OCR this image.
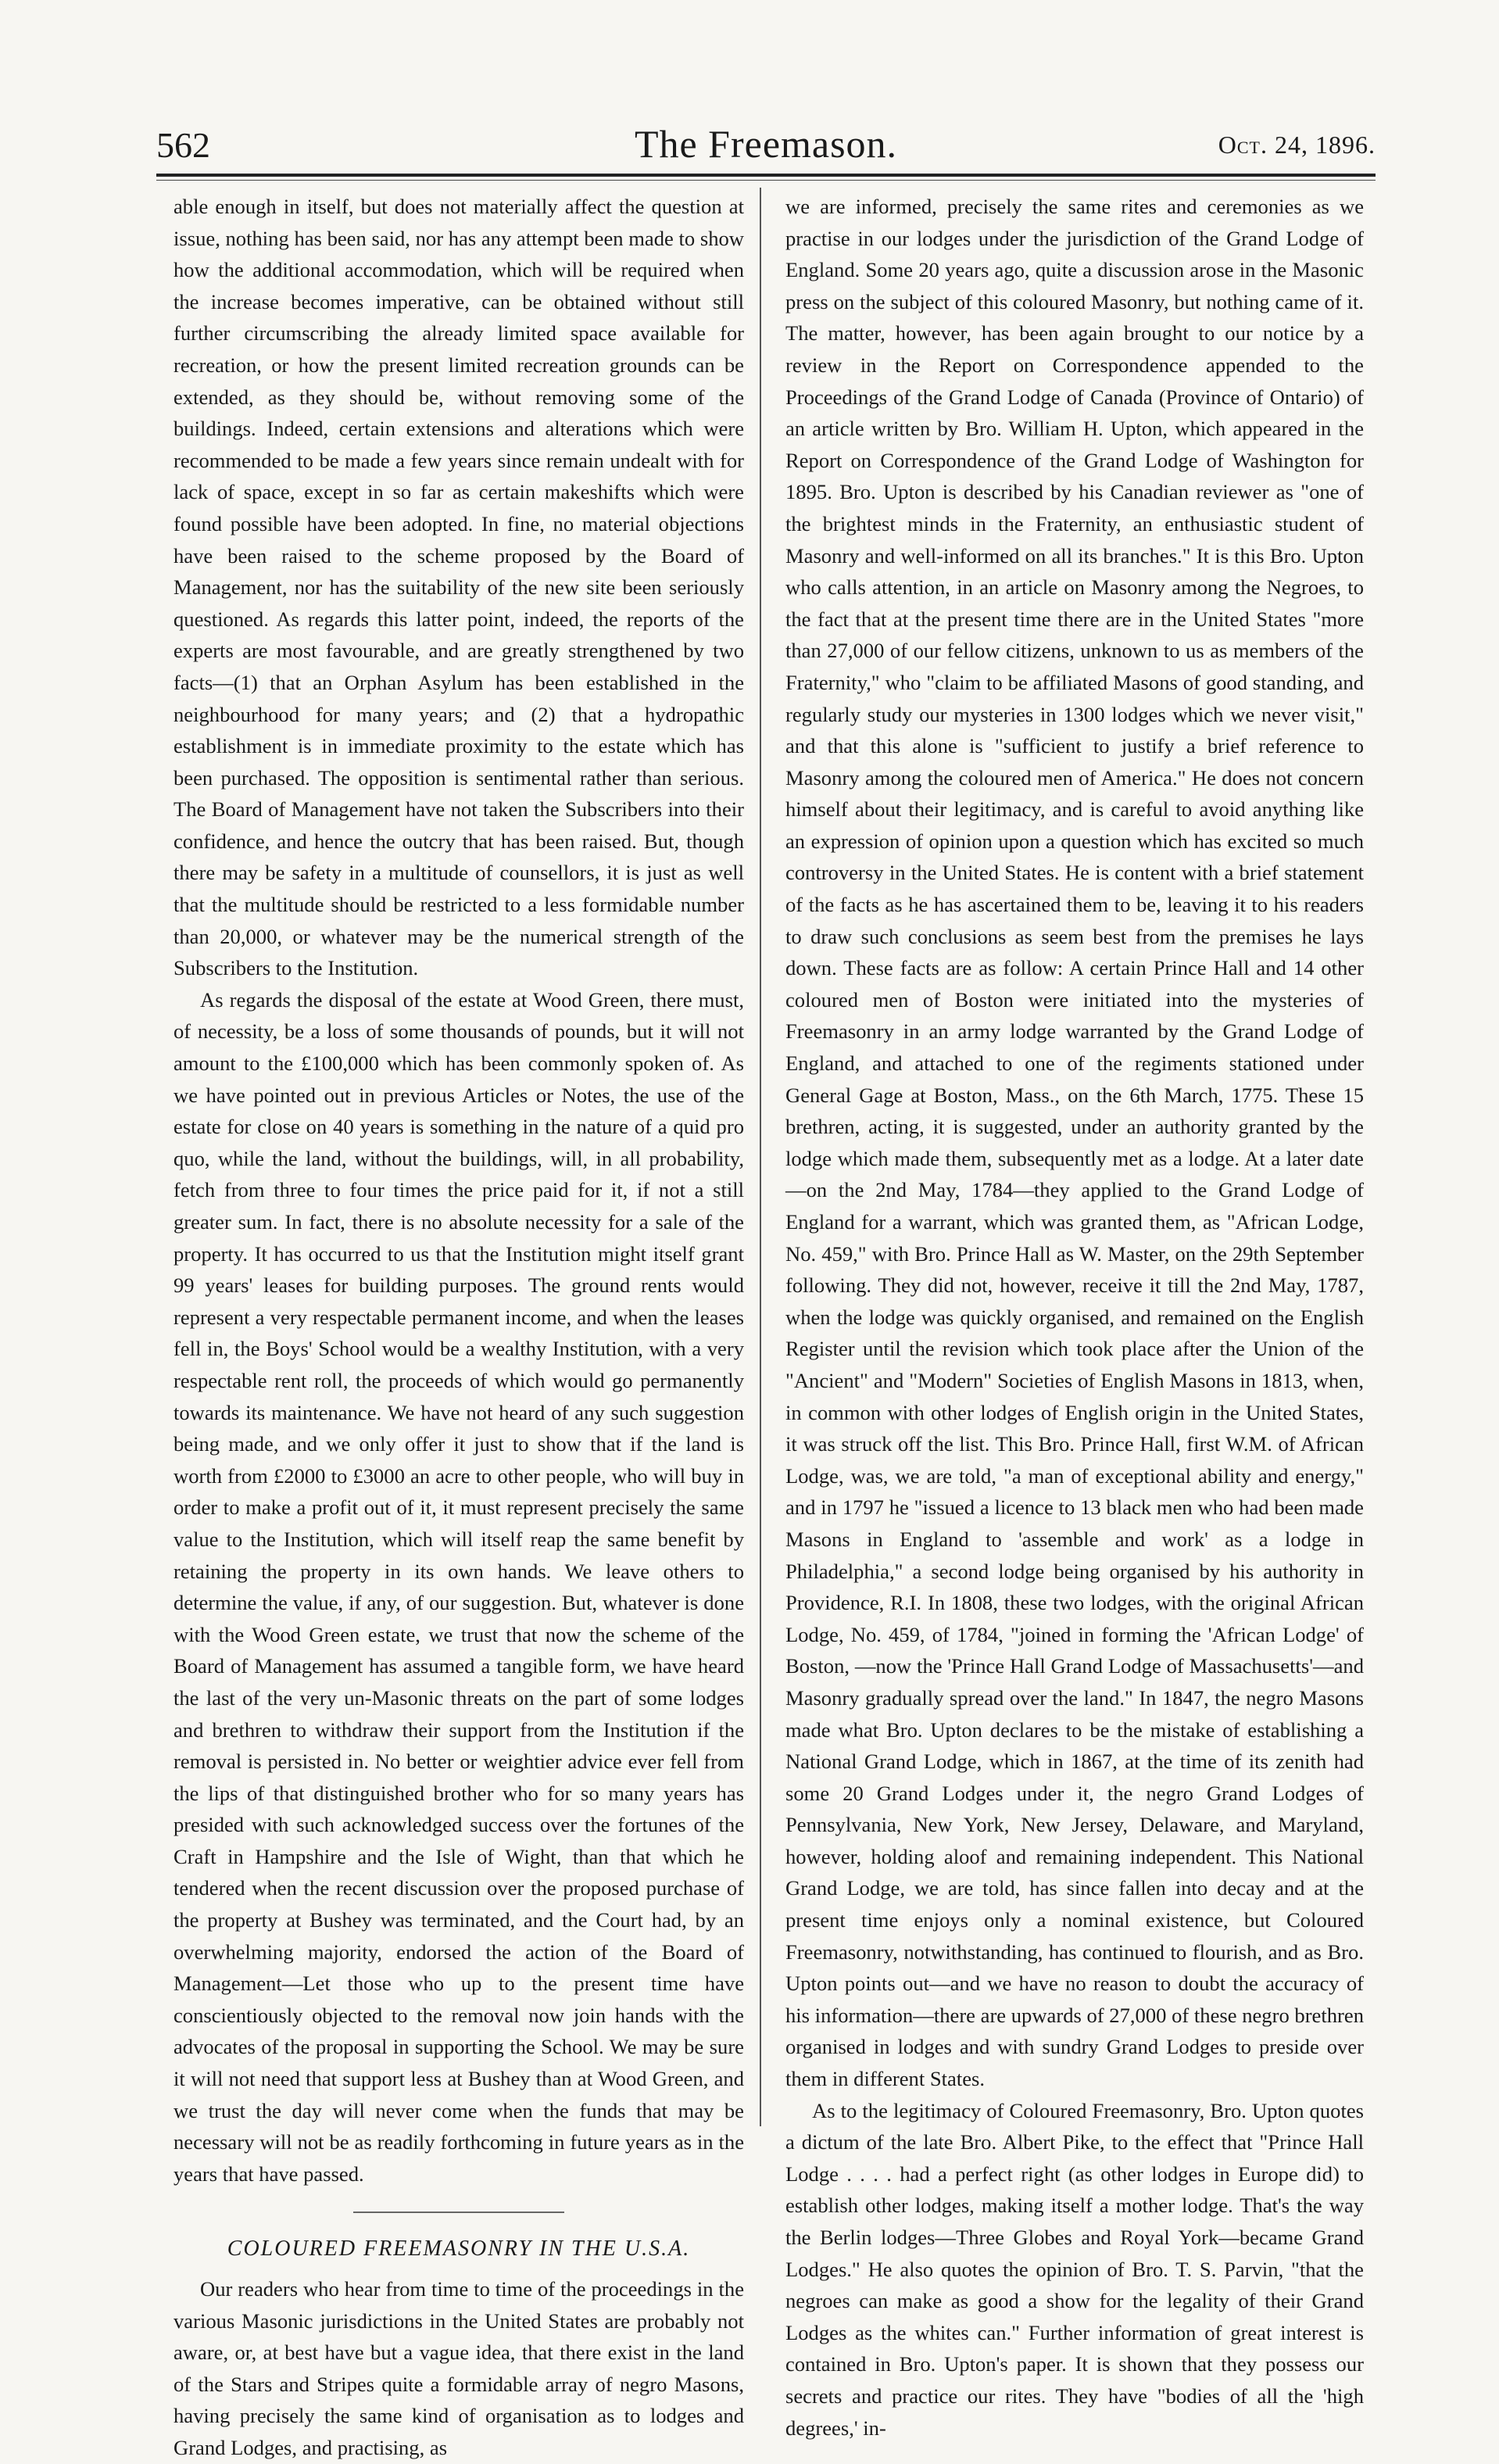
562	The Freemason.	Oct. 24, 1896.

able enough in itself, but does not materially affect the question at issue, nothing has been said, nor has any attempt been made to show how the additional accommodation, which will be required when the increase becomes imperative, can be obtained without still further circumscribing the already limited space available for recreation, or how the present limited recreation grounds can be extended, as they should be, without removing some of the buildings. Indeed, certain extensions and alterations which were recommended to be made a few years since remain undealt with for lack of space, except in so far as certain makeshifts which were found possible have been adopted. In fine, no material objections have been raised to the scheme proposed by the Board of Management, nor has the suitability of the new site been seriously questioned. As regards this latter point, indeed, the reports of the experts are most favourable, and are greatly strengthened by two facts—(1) that an Orphan Asylum has been established in the neighbourhood for many years; and (2) that a hydropathic establishment is in immediate proximity to the estate which has been purchased. The opposition is sentimental rather than serious. The Board of Management have not taken the Subscribers into their confidence, and hence the outcry that has been raised. But, though there may be safety in a multitude of counsellors, it is just as well that the multitude should be restricted to a less formidable number than 20,000, or whatever may be the numerical strength of the Subscribers to the Institution.

As regards the disposal of the estate at Wood Green, there must, of necessity, be a loss of some thousands of pounds, but it will not amount to the £100,000 which has been commonly spoken of. As we have pointed out in previous Articles or Notes, the use of the estate for close on 40 years is something in the nature of a quid pro quo, while the land, without the buildings, will, in all probability, fetch from three to four times the price paid for it, if not a still greater sum. In fact, there is no absolute necessity for a sale of the property. It has occurred to us that the Institution might itself grant 99 years' leases for building purposes. The ground rents would represent a very respectable permanent income, and when the leases fell in, the Boys' School would be a wealthy Institution, with a very respectable rent roll, the proceeds of which would go permanently towards its maintenance. We have not heard of any such suggestion being made, and we only offer it just to show that if the land is worth from £2000 to £3000 an acre to other people, who will buy in order to make a profit out of it, it must represent precisely the same value to the Institution, which will itself reap the same benefit by retaining the property in its own hands. We leave others to determine the value, if any, of our suggestion. But, whatever is done with the Wood Green estate, we trust that now the scheme of the Board of Management has assumed a tangible form, we have heard the last of the very un-Masonic threats on the part of some lodges and brethren to withdraw their support from the Institution if the removal is persisted in. No better or weightier advice ever fell from the lips of that distinguished brother who for so many years has presided with such acknowledged success over the fortunes of the Craft in Hampshire and the Isle of Wight, than that which he tendered when the recent discussion over the proposed purchase of the property at Bushey was terminated, and the Court had, by an overwhelming majority, endorsed the action of the Board of Management—Let those who up to the present time have conscientiously objected to the removal now join hands with the advocates of the proposal in supporting the School. We may be sure it will not need that support less at Bushey than at Wood Green, and we trust the day will never come when the funds that may be necessary will not be as readily forthcoming in future years as in the years that have passed.

COLOURED FREEMASONRY IN THE U.S.A.

Our readers who hear from time to time of the proceedings in the various Masonic jurisdictions in the United States are probably not aware, or, at best have but a vague idea, that there exist in the land of the Stars and Stripes quite a formidable array of negro Masons, having precisely the same kind of organisation as to lodges and Grand Lodges, and practising, as

we are informed, precisely the same rites and ceremonies as we practise in our lodges under the jurisdiction of the Grand Lodge of England. Some 20 years ago, quite a discussion arose in the Masonic press on the subject of this coloured Masonry, but nothing came of it. The matter, however, has been again brought to our notice by a review in the Report on Correspondence appended to the Proceedings of the Grand Lodge of Canada (Province of Ontario) of an article written by Bro. William H. Upton, which appeared in the Report on Correspondence of the Grand Lodge of Washington for 1895. Bro. Upton is described by his Canadian reviewer as "one of the brightest minds in the Fraternity, an enthusiastic student of Masonry and well-informed on all its branches." It is this Bro. Upton who calls attention, in an article on Masonry among the Negroes, to the fact that at the present time there are in the United States "more than 27,000 of our fellow citizens, unknown to us as members of the Fraternity," who "claim to be affiliated Masons of good standing, and regularly study our mysteries in 1300 lodges which we never visit," and that this alone is "sufficient to justify a brief reference to Masonry among the coloured men of America." He does not concern himself about their legitimacy, and is careful to avoid anything like an expression of opinion upon a question which has excited so much controversy in the United States. He is content with a brief statement of the facts as he has ascertained them to be, leaving it to his readers to draw such conclusions as seem best from the premises he lays down. These facts are as follow: A certain Prince Hall and 14 other coloured men of Boston were initiated into the mysteries of Freemasonry in an army lodge warranted by the Grand Lodge of England, and attached to one of the regiments stationed under General Gage at Boston, Mass., on the 6th March, 1775. These 15 brethren, acting, it is suggested, under an authority granted by the lodge which made them, subsequently met as a lodge. At a later date—on the 2nd May, 1784—they applied to the Grand Lodge of England for a warrant, which was granted them, as "African Lodge, No. 459," with Bro. Prince Hall as W. Master, on the 29th September following. They did not, however, receive it till the 2nd May, 1787, when the lodge was quickly organised, and remained on the English Register until the revision which took place after the Union of the "Ancient" and "Modern" Societies of English Masons in 1813, when, in common with other lodges of English origin in the United States, it was struck off the list. This Bro. Prince Hall, first W.M. of African Lodge, was, we are told, "a man of exceptional ability and energy," and in 1797 he "issued a licence to 13 black men who had been made Masons in England to 'assemble and work' as a lodge in Philadelphia," a second lodge being organised by his authority in Providence, R.I. In 1808, these two lodges, with the original African Lodge, No. 459, of 1784, "joined in forming the 'African Lodge' of Boston, —now the 'Prince Hall Grand Lodge of Massachusetts'—and Masonry gradually spread over the land." In 1847, the negro Masons made what Bro. Upton declares to be the mistake of establishing a National Grand Lodge, which in 1867, at the time of its zenith had some 20 Grand Lodges under it, the negro Grand Lodges of Pennsylvania, New York, New Jersey, Delaware, and Maryland, however, holding aloof and remaining independent. This National Grand Lodge, we are told, has since fallen into decay and at the present time enjoys only a nominal existence, but Coloured Freemasonry, notwithstanding, has continued to flourish, and as Bro. Upton points out—and we have no reason to doubt the accuracy of his information—there are upwards of 27,000 of these negro brethren organised in lodges and with sundry Grand Lodges to preside over them in different States.

As to the legitimacy of Coloured Freemasonry, Bro. Upton quotes a dictum of the late Bro. Albert Pike, to the effect that "Prince Hall Lodge . . . . had a perfect right (as other lodges in Europe did) to establish other lodges, making itself a mother lodge. That's the way the Berlin lodges—Three Globes and Royal York—became Grand Lodges." He also quotes the opinion of Bro. T. S. Parvin, "that the negroes can make as good a show for the legality of their Grand Lodges as the whites can." Further information of great interest is contained in Bro. Upton's paper. It is shown that they possess our secrets and practice our rites. They have "bodies of all the 'high degrees,' in-
